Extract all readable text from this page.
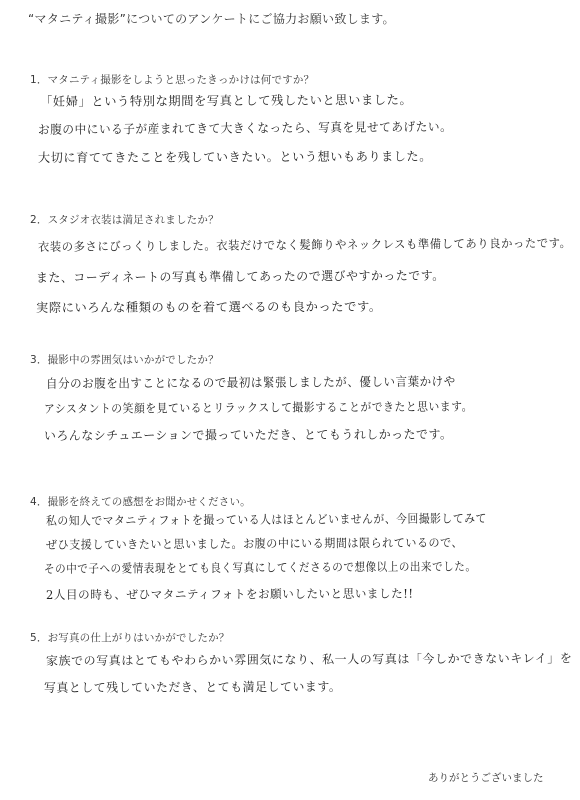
“マタニティ撮影”についてのアンケートにご協力お願い致します。
1．マタニティ撮影をしようと思ったきっかけは何ですか？
「妊婦」という特別な期間を写真として残したいと思いました。
お腹の中にいる子が産まれてきて大きくなったら、写真を見せてあげたい。
大切に育ててきたことを残していきたい。という想いもありました。
2．スタジオ衣装は満足されましたか？
衣装の多さにびっくりしました。衣装だけでなく髪飾りやネックレスも準備してあり良かったです。
また、コーディネートの写真も準備してあったので選びやすかったです。
実際にいろんな種類のものを着て選べるのも良かったです。
3．撮影中の雰囲気はいかがでしたか？
自分のお腹を出すことになるので最初は緊張しましたが、優しい言葉かけや
アシスタントの笑顔を見ているとリラックスして撮影することができたと思います。
いろんなシチュエーションで撮っていただき、とてもうれしかったです。
4．撮影を終えての感想をお聞かせください。
私の知人でマタニティフォトを撮っている人はほとんどいませんが、今回撮影してみて
ぜひ支援していきたいと思いました。お腹の中にいる期間は限られているので、
その中で子への愛情表現をとても良く写真にしてくださるので想像以上の出来でした。
2人目の時も、ぜひマタニティフォトをお願いしたいと思いました!!
5．お写真の仕上がりはいかがでしたか？
家族での写真はとてもやわらかい雰囲気になり、私一人の写真は「今しかできないキレイ」を
写真として残していただき、とても満足しています。
ありがとうございました
